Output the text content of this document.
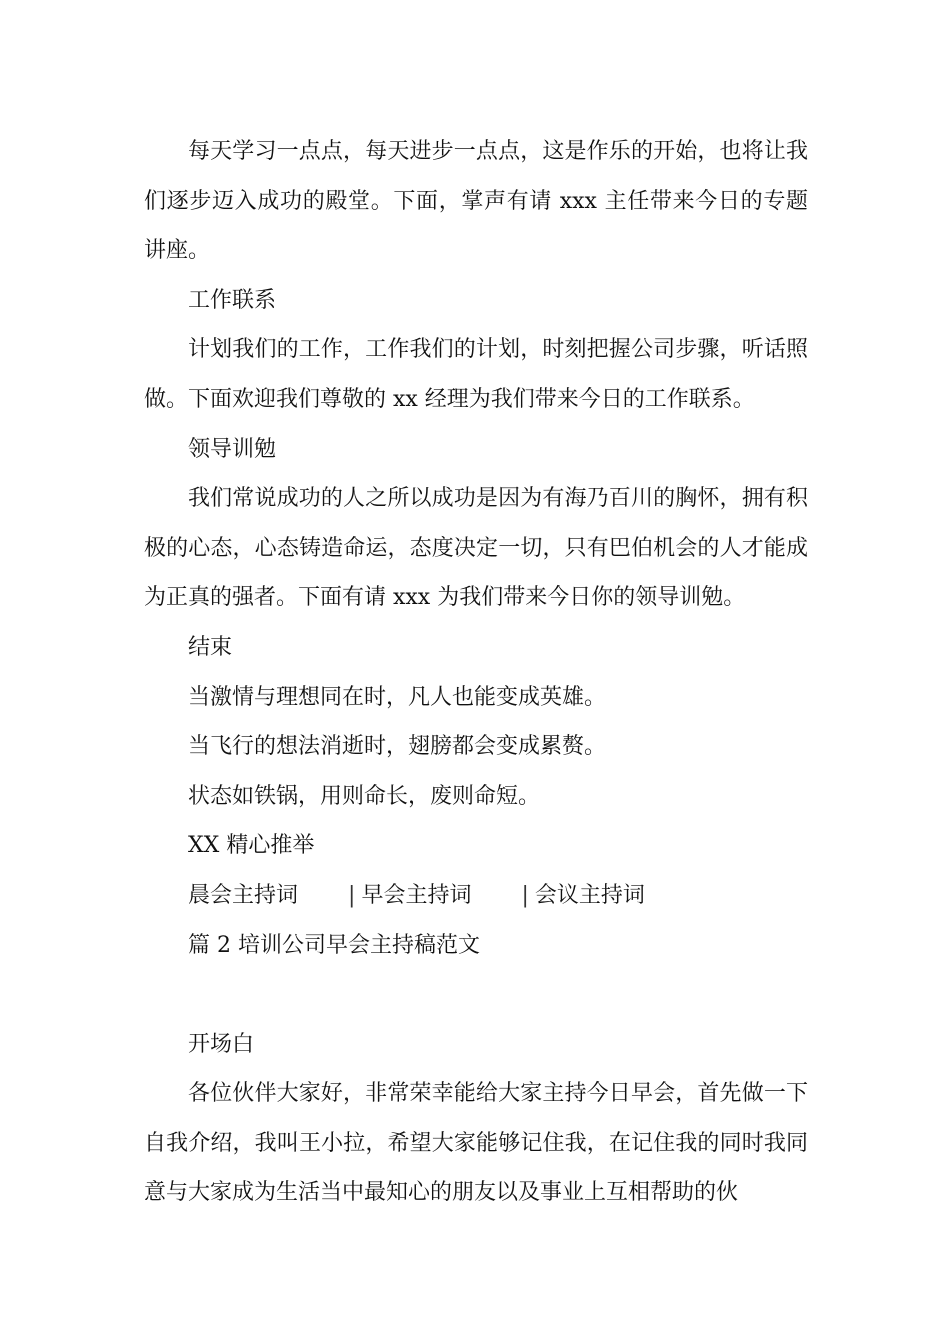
每天学习一点点，每天进步一点点，这是作乐的开始，也将让我们逐步迈入成功的殿堂。下面，掌声有请 xxx 主任带来今日的专题讲座。

工作联系

计划我们的工作，工作我们的计划，时刻把握公司步骤，听话照做。下面欢迎我们尊敬的 xx 经理为我们带来今日的工作联系。

领导训勉

我们常说成功的人之所以成功是因为有海乃百川的胸怀，拥有积极的心态，心态铸造命运，态度决定一切，只有巴伯机会的人才能成为正真的强者。下面有请 xxx 为我们带来今日你的领导训勉。

结束

当激情与理想同在时，凡人也能变成英雄。

当飞行的想法消逝时，翅膀都会变成累赘。

状态如铁锅，用则命长，废则命短。

XX 精心推举

晨会主持词 | 早会主持词 | 会议主持词

篇 2 培训公司早会主持稿范文

开场白

各位伙伴大家好，非常荣幸能给大家主持今日早会，首先做一下自我介绍，我叫王小拉，希望大家能够记住我，在记住我的同时我同意与大家成为生活当中最知心的朋友以及事业上互相帮助的伙
